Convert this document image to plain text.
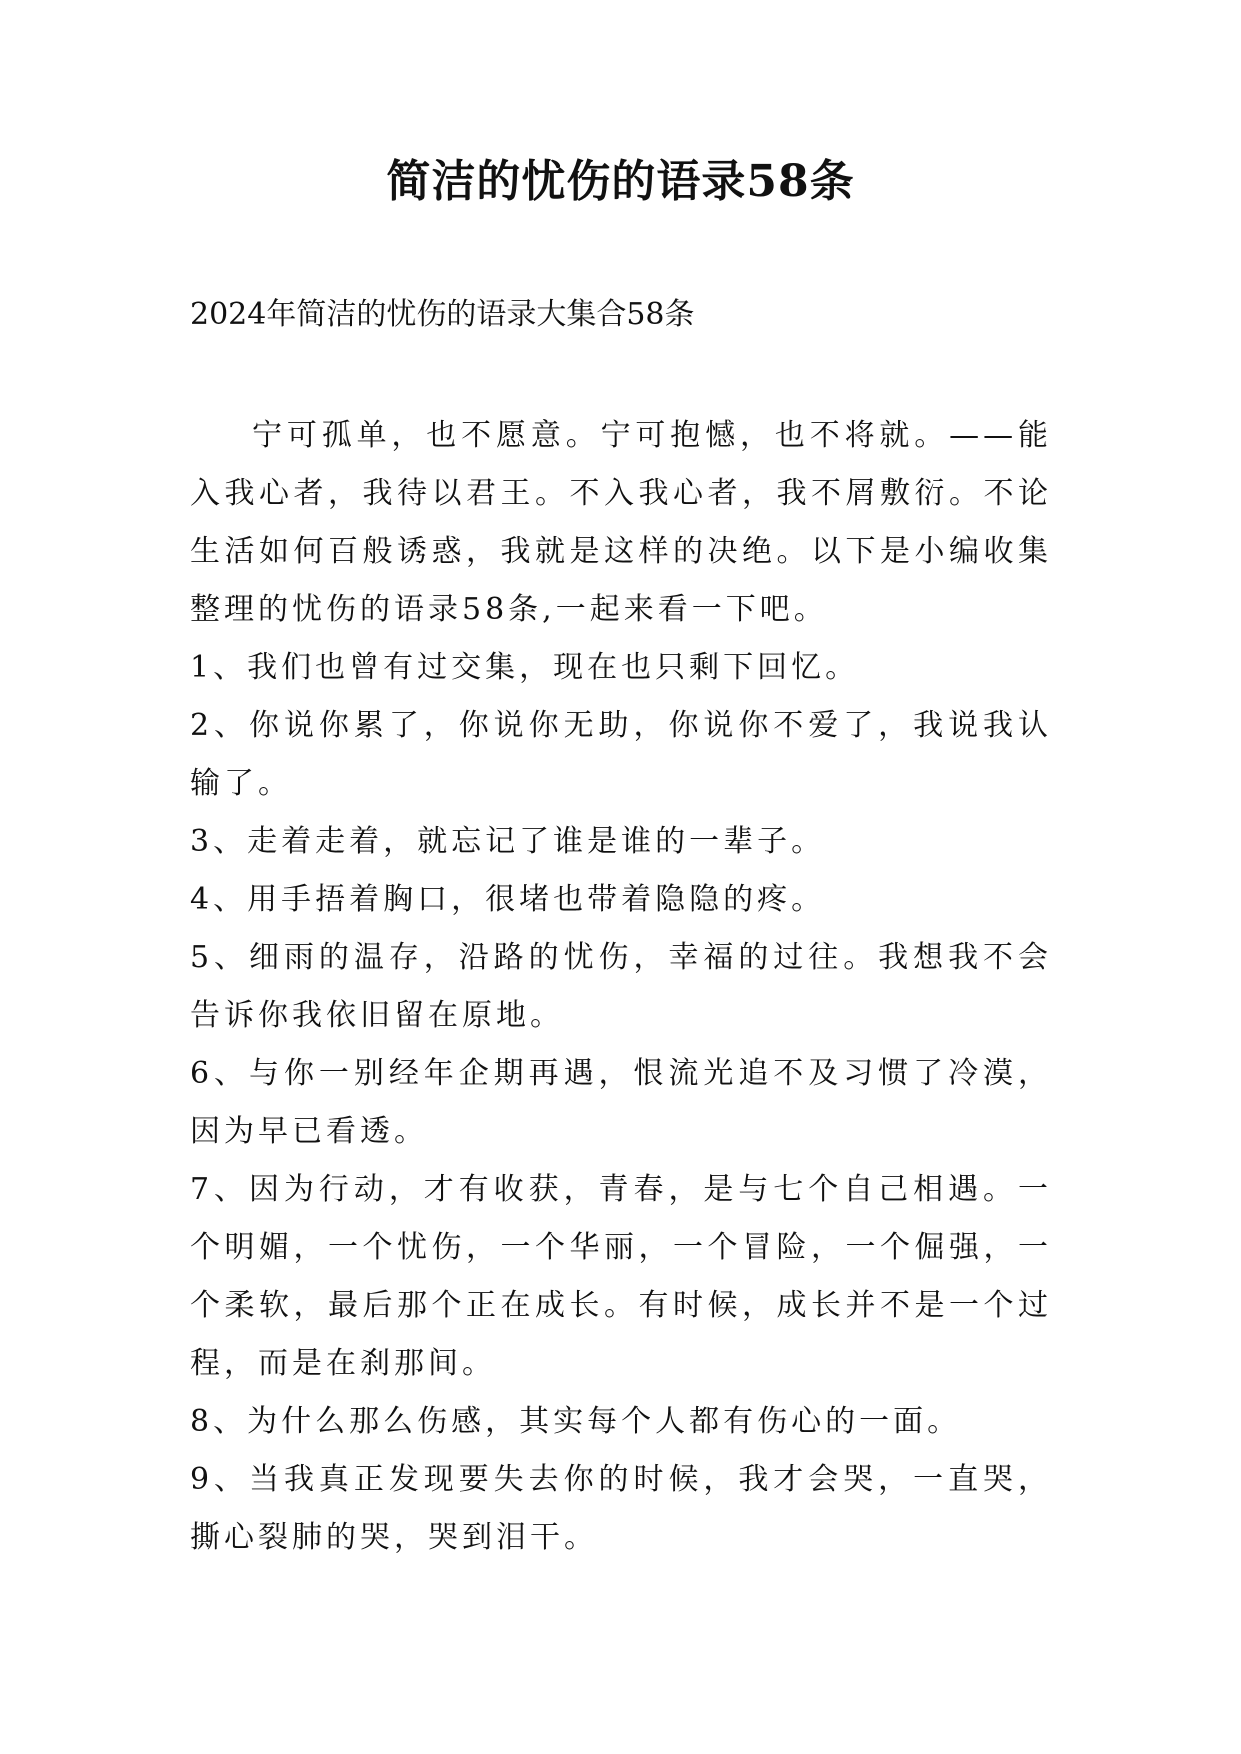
简洁的忧伤的语录58条
2024年简洁的忧伤的语录大集合58条

宁可孤单，也不愿意。宁可抱憾，也不将就。——能入我心者，我待以君王。不入我心者，我不屑敷衍。不论生活如何百般诱惑，我就是这样的决绝。以下是小编收集整理的忧伤的语录58条,一起来看一下吧。

1、我们也曾有过交集，现在也只剩下回忆。

2、你说你累了，你说你无助，你说你不爱了，我说我认输了。

3、走着走着，就忘记了谁是谁的一辈子。

4、用手捂着胸口，很堵也带着隐隐的疼。

5、细雨的温存，沿路的忧伤，幸福的过往。我想我不会告诉你我依旧留在原地。

6、与你一别经年企期再遇，恨流光追不及习惯了冷漠，因为早已看透。

7、因为行动，才有收获，青春，是与七个自己相遇。一个明媚，一个忧伤，一个华丽，一个冒险，一个倔强，一个柔软，最后那个正在成长。有时候，成长并不是一个过程，而是在刹那间。

8、为什么那么伤感，其实每个人都有伤心的一面。

9、当我真正发现要失去你的时候，我才会哭，一直哭，撕心裂肺的哭，哭到泪干。
